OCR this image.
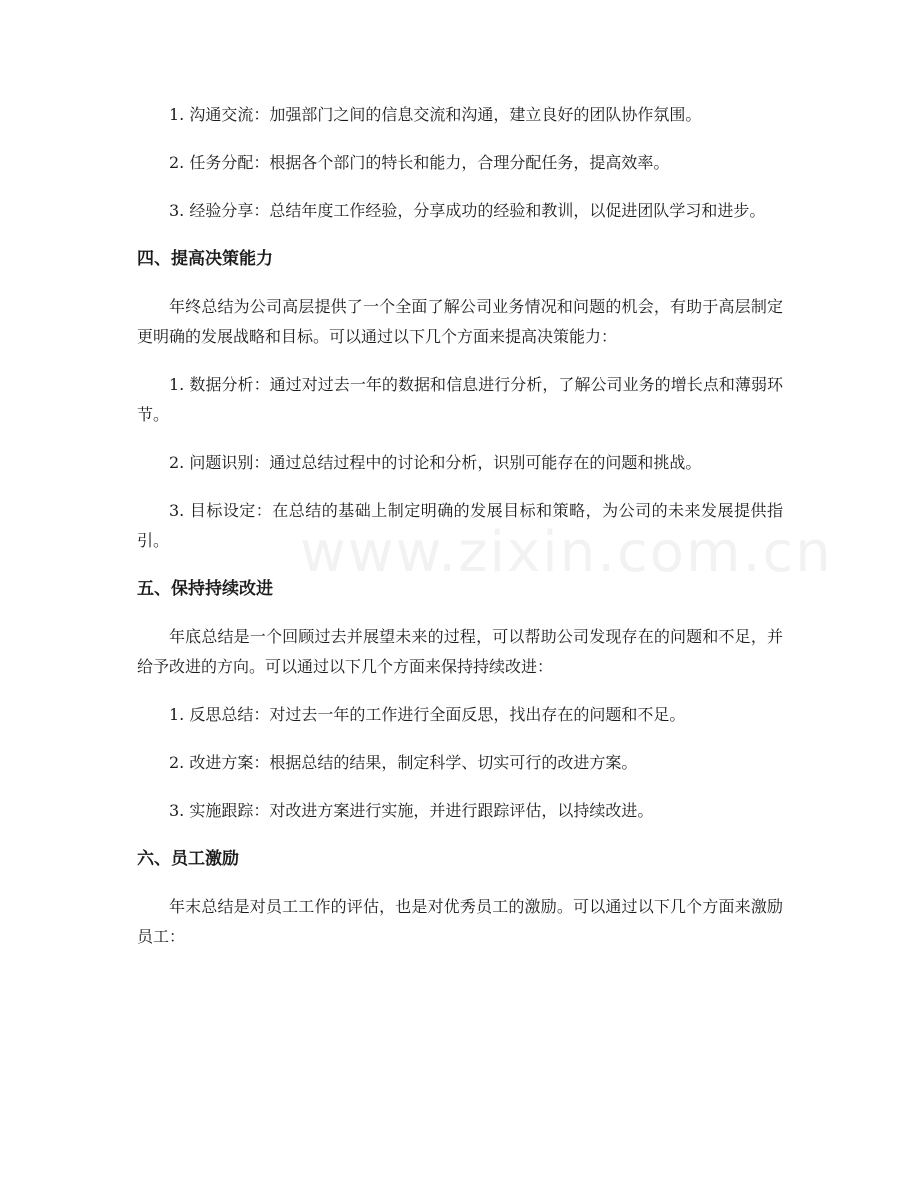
1. 沟通交流：加强部门之间的信息交流和沟通，建立良好的团队协作氛围。

2. 任务分配：根据各个部门的特长和能力，合理分配任务，提高效率。

3. 经验分享：总结年度工作经验，分享成功的经验和教训，以促进团队学习和进步。

四、提高决策能力

年终总结为公司高层提供了一个全面了解公司业务情况和问题的机会，有助于高层制定更明确的发展战略和目标。可以通过以下几个方面来提高决策能力：

1. 数据分析：通过对过去一年的数据和信息进行分析，了解公司业务的增长点和薄弱环节。

2. 问题识别：通过总结过程中的讨论和分析，识别可能存在的问题和挑战。

3. 目标设定：在总结的基础上制定明确的发展目标和策略，为公司的未来发展提供指引。

五、保持持续改进

年底总结是一个回顾过去并展望未来的过程，可以帮助公司发现存在的问题和不足，并给予改进的方向。可以通过以下几个方面来保持持续改进：

1. 反思总结：对过去一年的工作进行全面反思，找出存在的问题和不足。

2. 改进方案：根据总结的结果，制定科学、切实可行的改进方案。

3. 实施跟踪：对改进方案进行实施，并进行跟踪评估，以持续改进。

六、员工激励

年末总结是对员工工作的评估，也是对优秀员工的激励。可以通过以下几个方面来激励员工：

www.zixin.com.cn
